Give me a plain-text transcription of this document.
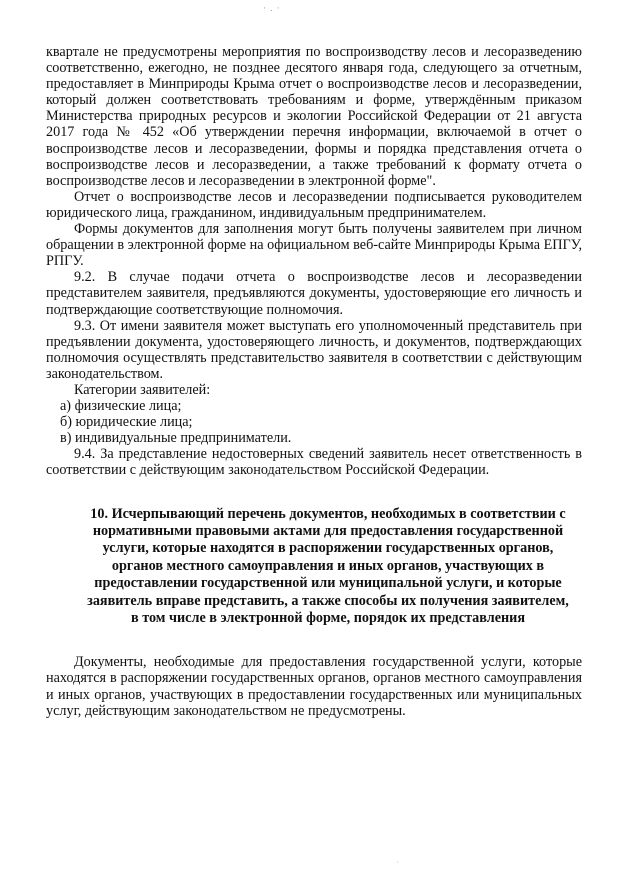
· . ·

кварталe не предусмотрены мероприятия по воспроизводству лесов и лесоразведению соответственно, ежегодно, не позднее десятого января года, следующего за отчетным, предоставляет в Минприроды Крыма отчет о воспроизводстве лесов и лесоразведении, который должен соответствовать требованиям и форме, утверждённым приказом Министерства природных ресурсов и экологии Российской Федерации от 21 августа 2017 года № 452 «Об утверждении перечня информации, включаемой в отчет о воспроизводстве лесов и лесоразведении, формы и порядка представления отчета о воспроизводстве лесов и лесоразведении, а также требований к формату отчета о воспроизводстве лесов и лесоразведении в электронной форме".

Отчет о воспроизводстве лесов и лесоразведении подписывается руководителем юридического лица, гражданином, индивидуальным предпринимателем.

Формы документов для заполнения могут быть получены заявителем при личном обращении в электронной форме на официальном веб-сайте Минприроды Крыма ЕПГУ, РПГУ.

9.2. В случае подачи отчета о воспроизводстве лесов и лесоразведении представителем заявителя, предъявляются документы, удостоверяющие его личность и подтверждающие соответствующие полномочия.

9.3. От имени заявителя может выступать его уполномоченный представитель при предъявлении документа, удостоверяющего личность, и документов, подтверждающих полномочия осуществлять представительство заявителя в соответствии с действующим законодательством.

Категории заявителей:

а) физические лица;

б) юридические лица;

в) индивидуальные предприниматели.

9.4. За представление недостоверных сведений заявитель несет ответственность в соответствии с действующим законодательством Российской Федерации.

10. Исчерпывающий перечень документов, необходимых в соответствии с нормативными правовыми актами для предоставления государственной услуги, которые находятся в распоряжении государственных органов, органов местного самоуправления и иных органов, участвующих в предоставлении государственной или муниципальной услуги, и которые заявитель вправе представить, а также способы их получения заявителем, в том числе в электронной форме, порядок их представления

Документы, необходимые для предоставления государственной услуги, которые находятся в распоряжении государственных органов, органов местного самоуправления и иных органов, участвующих в предоставлении государственных или муниципальных услуг, действующим законодательством не предусмотрены.

·
